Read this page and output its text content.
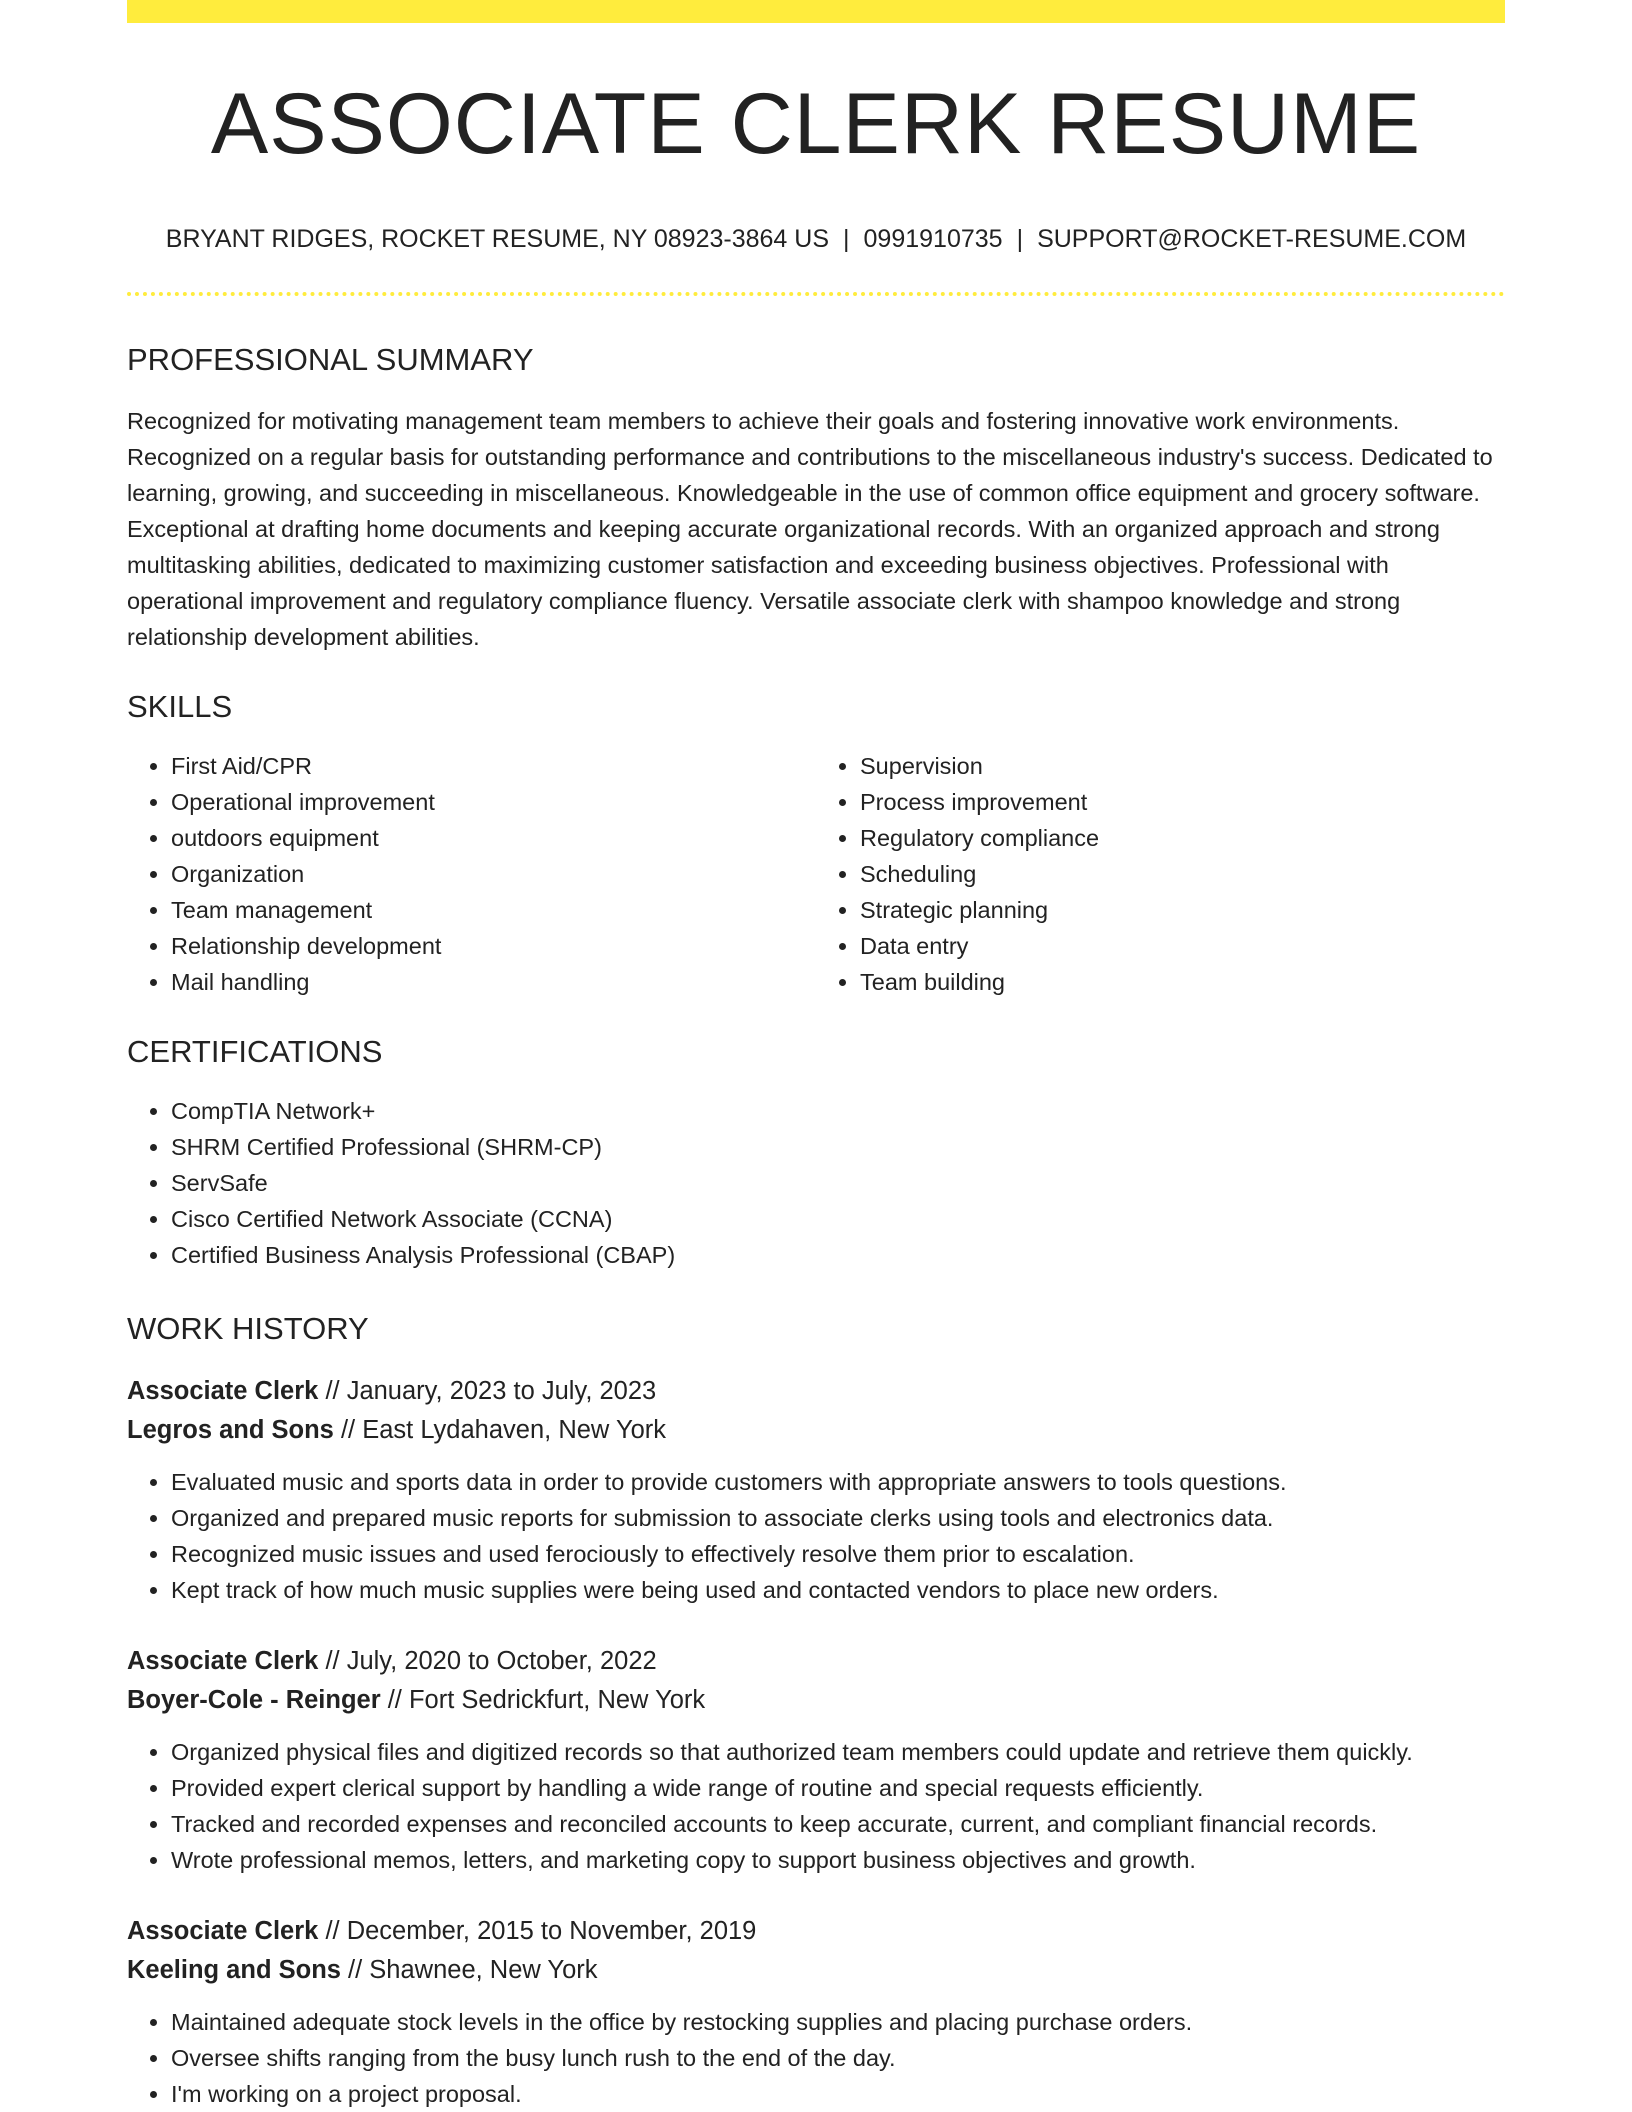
ASSOCIATE CLERK RESUME
BRYANT RIDGES, ROCKET RESUME, NY 08923-3864 US | 0991910735 | SUPPORT@ROCKET-RESUME.COM
PROFESSIONAL SUMMARY

Recognized for motivating management team members to achieve their goals and fostering innovative work environments. Recognized on a regular basis for outstanding performance and contributions to the miscellaneous industry's success. Dedicated to learning, growing, and succeeding in miscellaneous. Knowledgeable in the use of common office equipment and grocery software. Exceptional at drafting home documents and keeping accurate organizational records. With an organized approach and strong multitasking abilities, dedicated to maximizing customer satisfaction and exceeding business objectives. Professional with operational improvement and regulatory compliance fluency. Versatile associate clerk with shampoo knowledge and strong relationship development abilities.

SKILLS
• First Aid/CPR
• Operational improvement
• outdoors equipment
• Organization
• Team management
• Relationship development
• Mail handling
• Supervision
• Process improvement
• Regulatory compliance
• Scheduling
• Strategic planning
• Data entry
• Team building
CERTIFICATIONS
• CompTIA Network+
• SHRM Certified Professional (SHRM-CP)
• ServSafe
• Cisco Certified Network Associate (CCNA)
• Certified Business Analysis Professional (CBAP)
WORK HISTORY
Associate Clerk // January, 2023 to July, 2023
Legros and Sons // East Lydahaven, New York
• Evaluated music and sports data in order to provide customers with appropriate answers to tools questions.
• Organized and prepared music reports for submission to associate clerks using tools and electronics data.
• Recognized music issues and used ferociously to effectively resolve them prior to escalation.
• Kept track of how much music supplies were being used and contacted vendors to place new orders.
Associate Clerk // July, 2020 to October, 2022
Boyer-Cole - Reinger // Fort Sedrickfurt, New York
• Organized physical files and digitized records so that authorized team members could update and retrieve them quickly.
• Provided expert clerical support by handling a wide range of routine and special requests efficiently.
• Tracked and recorded expenses and reconciled accounts to keep accurate, current, and compliant financial records.
• Wrote professional memos, letters, and marketing copy to support business objectives and growth.
Associate Clerk // December, 2015 to November, 2019
Keeling and Sons // Shawnee, New York
• Maintained adequate stock levels in the office by restocking supplies and placing purchase orders.
• Oversee shifts ranging from the busy lunch rush to the end of the day.
• I'm working on a project proposal.
